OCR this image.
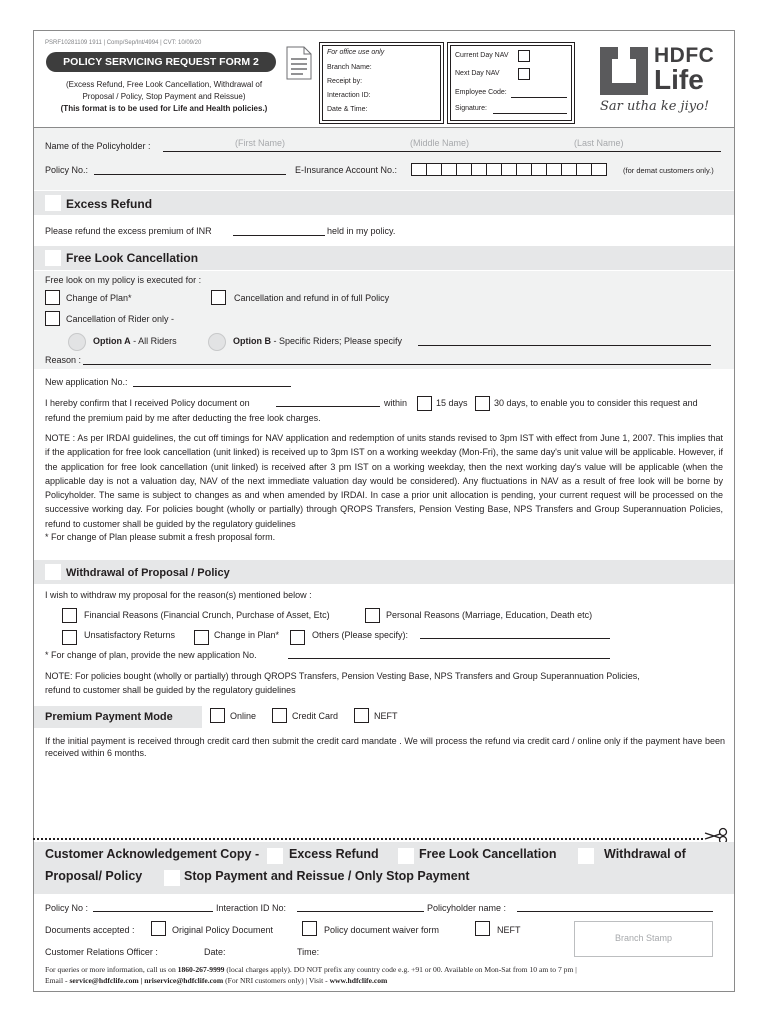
PSRF10281109 1911 | Comp/Sep/Int/4994 | CVT: 10/09/20
POLICY SERVICING REQUEST FORM 2
(Excess Refund, Free Look Cancellation, Withdrawal of
Proposal / Policy, Stop Payment and Reissue)
(This format is to be used for Life and Health policies.)
For office use only
Branch Name:
Receipt by:
Interaction ID:
Date & Time:
Current Day NAV
Next Day NAV
Employee Code:
Signature:
HDFC
Life
Sar utha ke jiyo!
Name of the Policyholder :	(First Name)	(Middle Name)	(Last Name)
Policy No.:	E-Insurance Account No.:	(for demat customers only.)
Excess Refund
Please refund the excess premium of INR	held in my policy.
Free Look Cancellation
Free look on my policy is executed for :
Change of Plan*	Cancellation and refund in of full Policy
Cancellation of Rider only -
Option A - All Riders	Option B - Specific Riders; Please specify
Reason :
New application No.:
I hereby confirm that I received Policy document on	within	15 days	30 days, to enable you to consider this request and
refund the premium paid by me after deducting the free look charges.
NOTE : As per IRDAI guidelines, the cut off timings for NAV application and redemption of units stands revised to 3pm IST with effect from June 1, 2007. This implies that if the application for free look cancellation (unit linked) is received up to 3pm IST on a working weekday (Mon-Fri), the same day's unit value will be applicable. However, if the application for free look cancellation (unit linked) is received after 3 pm IST on a working weekday, then the next working day's value will be applicable (when the applicable day is not a valuation day, NAV of the next immediate valuation day would be considered). Any fluctuations in NAV as a result of free look will be borne by Policyholder. The same is subject to changes as and when amended by IRDAI. In case a prior unit allocation is pending, your current request will be processed on the successive working day. For policies bought (wholly or partially) through QROPS Transfers, Pension Vesting Base, NPS Transfers and Group Superannuation Policies, refund to customer shall be guided by the regulatory guidelines
* For change of Plan please submit a fresh proposal form.
Withdrawal of Proposal / Policy
I wish to withdraw my proposal for the reason(s) mentioned below :
Financial Reasons (Financial Crunch, Purchase of Asset, Etc)	Personal Reasons (Marriage, Education, Death etc)
Unsatisfactory Returns	Change in Plan*	Others (Please specify):
* For change of plan, provide the new application No.
NOTE: For policies bought (wholly or partially) through QROPS Transfers, Pension Vesting Base, NPS Transfers and Group Superannuation Policies,
refund to customer shall be guided by the regulatory guidelines
Premium Payment Mode	Online	Credit Card	NEFT
If the initial payment is received through credit card then submit the credit card mandate . We will process the refund via credit card / online only if the payment have been received within 6 months.
Customer Acknowledgement Copy - Excess Refund	Free Look Cancellation	Withdrawal of
Proposal/ Policy	Stop Payment and Reissue / Only Stop Payment
Policy No :	Interaction ID No:	Policyholder name :
Documents accepted :	Original Policy Document	Policy document waiver form	NEFT
Customer Relations Officer :	Date:	Time:
Branch Stamp
For queries or more information, call us on 1860-267-9999 (local charges apply). DO NOT prefix any country code e.g. +91 or 00. Available on Mon-Sat from 10 am to 7 pm |
Email - service@hdfclife.com | nriservice@hdfclife.com (For NRI customers only) | Visit - www.hdfclife.com
